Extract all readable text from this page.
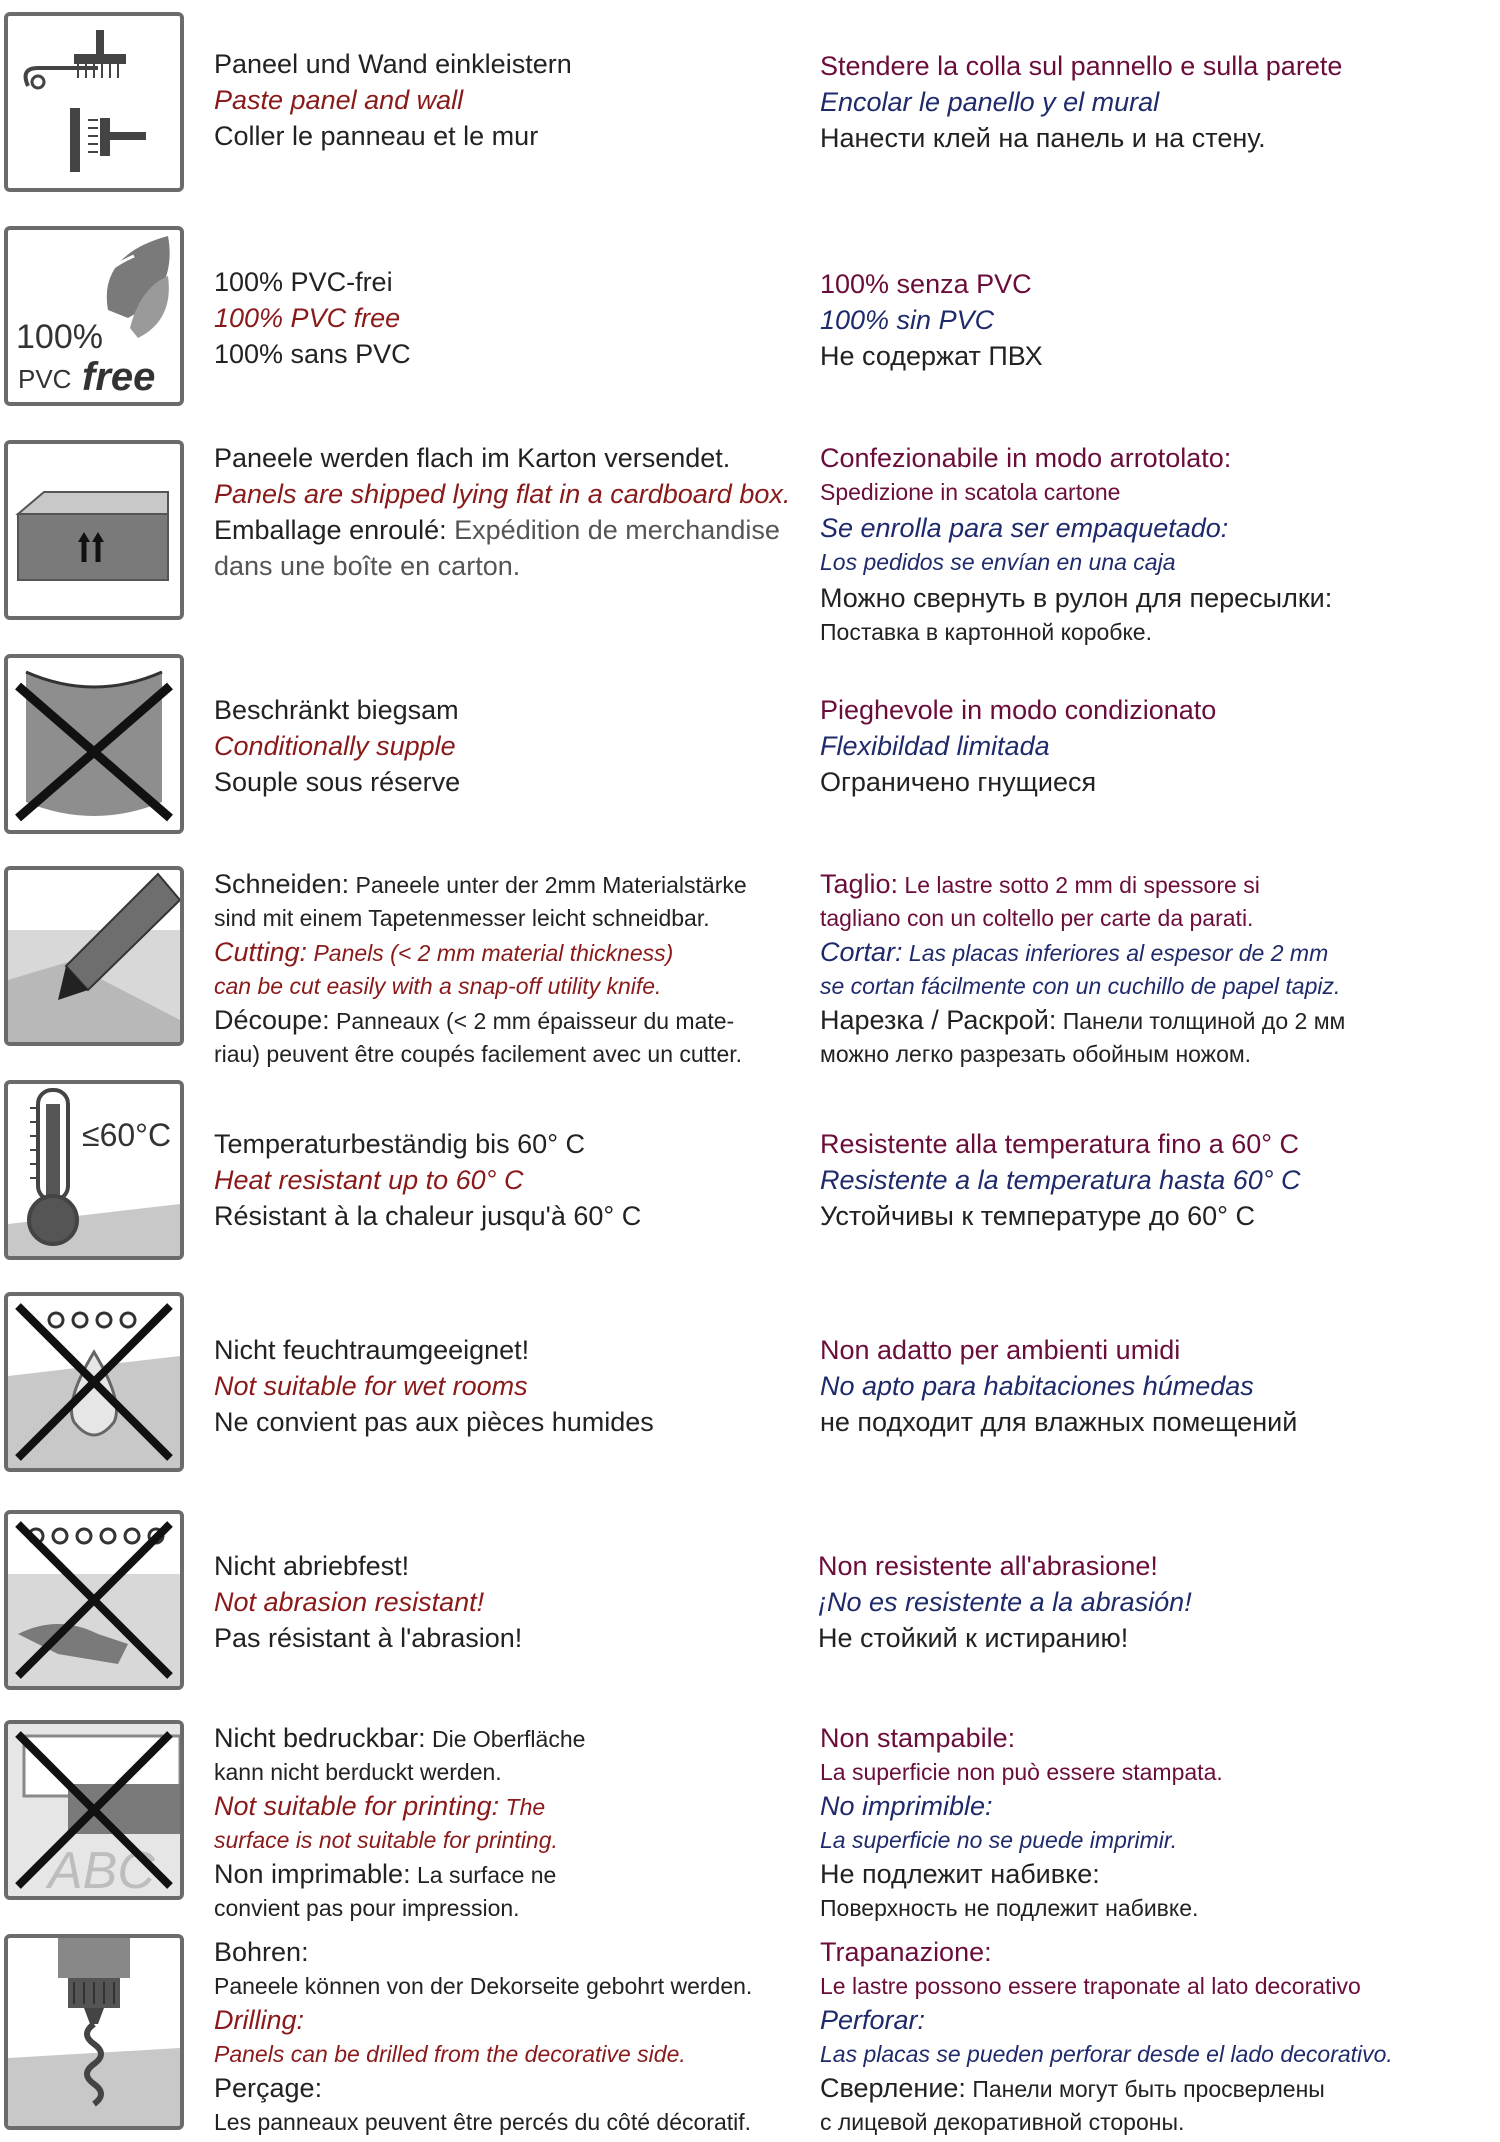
Paneel und Wand einkleistern
Paste panel and wall
Coller le panneau et le mur
Stendere la colla sul pannello e sulla parete
Encolar le panello y el mural
Нанести клей на панель и на стену.
100%
PVC free
100% PVC-frei
100% PVC free
100% sans PVC
100% senza PVC
100% sin PVC
Не содержат ПВХ
Paneele werden flach im Karton versendet.
Panels are shipped lying flat in a cardboard box.
Emballage enroulé: Expédition de merchandise
dans une boîte en carton.
Confezionabile in modo arrotolato:
Spedizione in scatola cartone
Se enrolla para ser empaquetado:
Los pedidos se envían en una caja
Можно свернуть в рулон для пересылки:
Поставка в картонной коробке.
Beschränkt biegsam
Conditionally supple
Souple sous réserve
Pieghevole in modo condizionato
Flexibildad limitada
Ограничено гнущиеся
Schneiden: Paneele unter der 2mm Materialstärke
sind mit einem Tapetenmesser leicht schneidbar.
Cutting: Panels (< 2 mm material thickness)
can be cut easily with a snap-off utility knife.
Découpe: Panneaux (< 2 mm épaisseur du mate-
riau) peuvent être coupés facilement avec un cutter.
Taglio: Le lastre sotto 2 mm di spessore si
tagliano con un coltello per carte da parati.
Cortar: Las placas inferiores al espesor de 2 mm
se cortan fácilmente con un cuchillo de papel tapiz.
Нарезка / Раскрой: Панели толщиной до 2 мм
можно легко разрезать обойным ножом.
≤60°C Temperaturbeständig bis 60° C
Heat resistant up to 60° C
Résistant à la chaleur jusqu'à 60° C
Resistente alla temperatura fino a 60° C
Resistente a la temperatura hasta 60° C
Устойчивы к температуре до 60° C
Nicht feuchtraumgeeignet!
Not suitable for wet rooms
Ne convient pas aux pièces humides
Non adatto per ambienti umidi
No apto para habitaciones húmedas
не подходит для влажных помещений
Nicht abriebfest!
Not abrasion resistant!
Pas résistant à l'abrasion!
Non resistente all'abrasione!
¡No es resistente a la abrasión!
Не стойкий к истиранию!
ABC
Nicht bedruckbar: Die Oberfläche
kann nicht berduckt werden.
Not suitable for printing: The
surface is not suitable for printing.
Non imprimable: La surface ne
convient pas pour impression.
Non stampabile:
La superficie non può essere stampata.
No imprimible:
La superficie no se puede imprimir.
Не подлежит набивке:
Поверхность не подлежит набивке.
Bohren:
Paneele können von der Dekorseite gebohrt werden.
Drilling:
Panels can be drilled from the decorative side.
Perçage:
Les panneaux peuvent être percés du côté décoratif.
Trapanazione:
Le lastre possono essere traponate al lato decorativo
Perforar:
Las placas se pueden perforar desde el lado decorativo.
Сверление: Панели могут быть просверлены
с лицевой декоративной стороны.
